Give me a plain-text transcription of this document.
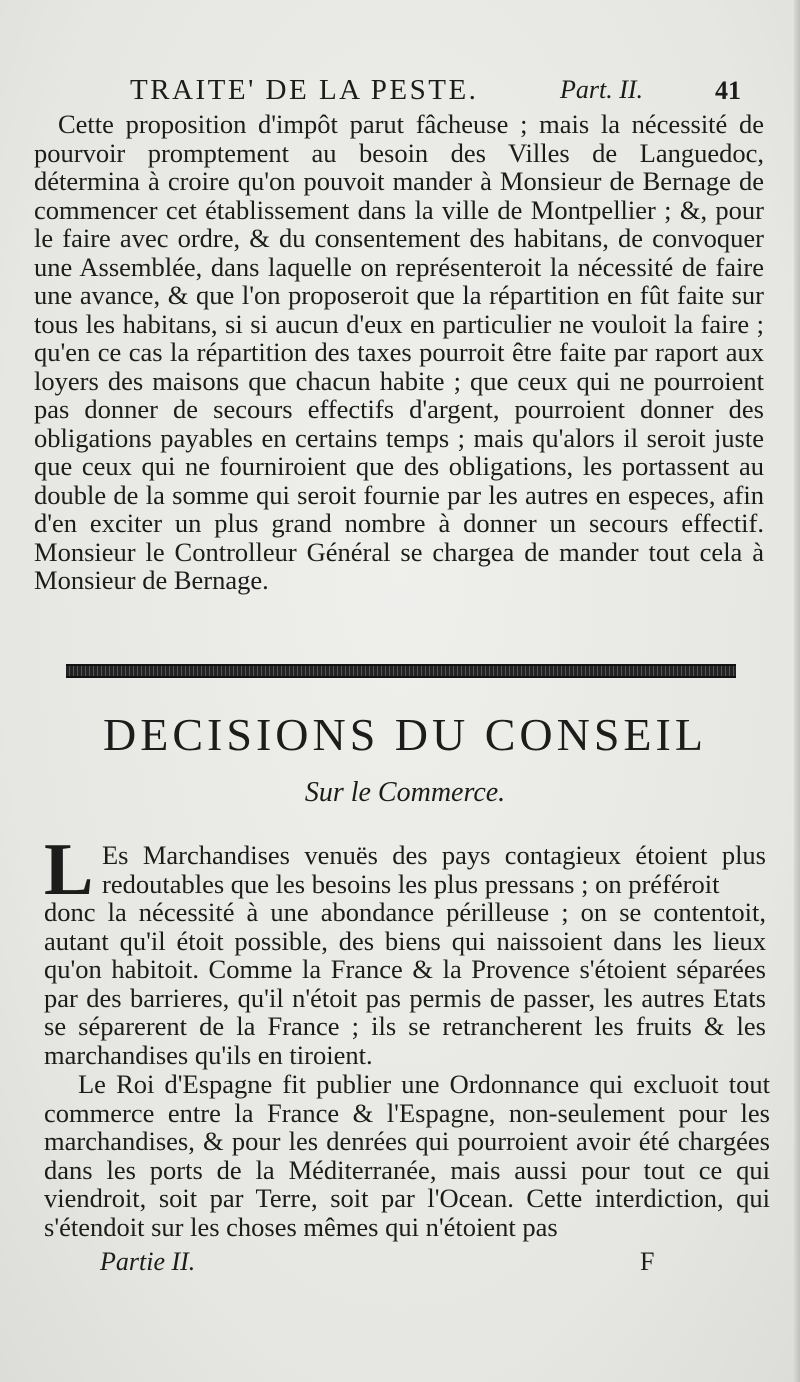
TRAITE' DE LA PESTE.	Part. II.	41

Cette proposition d'impôt parut fâcheuse ; mais la nécessité de pourvoir promptement au besoin des Villes de Languedoc, détermina à croire qu'on pouvoit mander à Monsieur de Bernage de commencer cet établissement dans la ville de Montpellier ; &, pour le faire avec ordre, & du consentement des habitans, de convoquer une Assemblée, dans laquelle on représenteroit la nécessité de faire une avance, & que l'on proposeroit que la répartition en fût faite sur tous les habitans, si si aucun d'eux en particulier ne vouloit la faire ; qu'en ce cas la répartition des taxes pourroit être faite par raport aux loyers des maisons que chacun habite ; que ceux qui ne pourroient pas donner de secours effectifs d'argent, pourroient donner des obligations payables en certains temps ; mais qu'alors il seroit juste que ceux qui ne fourniroient que des obligations, les portassent au double de la somme qui seroit fournie par les autres en especes, afin d'en exciter un plus grand nombre à donner un secours effectif. Monsieur le Controlleur Général se chargea de mander tout cela à Monsieur de Bernage.

DECISIONS DU CONSEIL
Sur le Commerce.
L Es Marchandises venuës des pays contagieux étoient plus redoutables que les besoins les plus pressans ; on préféroit
donc la nécessité à une abondance périlleuse ; on se contentoit, autant qu'il étoit possible, des biens qui naissoient dans les lieux qu'on habitoit. Comme la France & la Provence s'étoient séparées par des barrieres, qu'il n'étoit pas permis de passer, les autres Etats se séparerent de la France ; ils se retrancherent les fruits & les marchandises qu'ils en tiroient.

Le Roi d'Espagne fit publier une Ordonnance qui excluoit tout commerce entre la France & l'Espagne, non-seulement pour les marchandises, & pour les denrées qui pourroient avoir été chargées dans les ports de la Méditerranée, mais aussi pour tout ce qui viendroit, soit par Terre, soit par l'Ocean. Cette interdiction, qui s'étendoit sur les choses mêmes qui n'étoient pas

Partie II.	F
